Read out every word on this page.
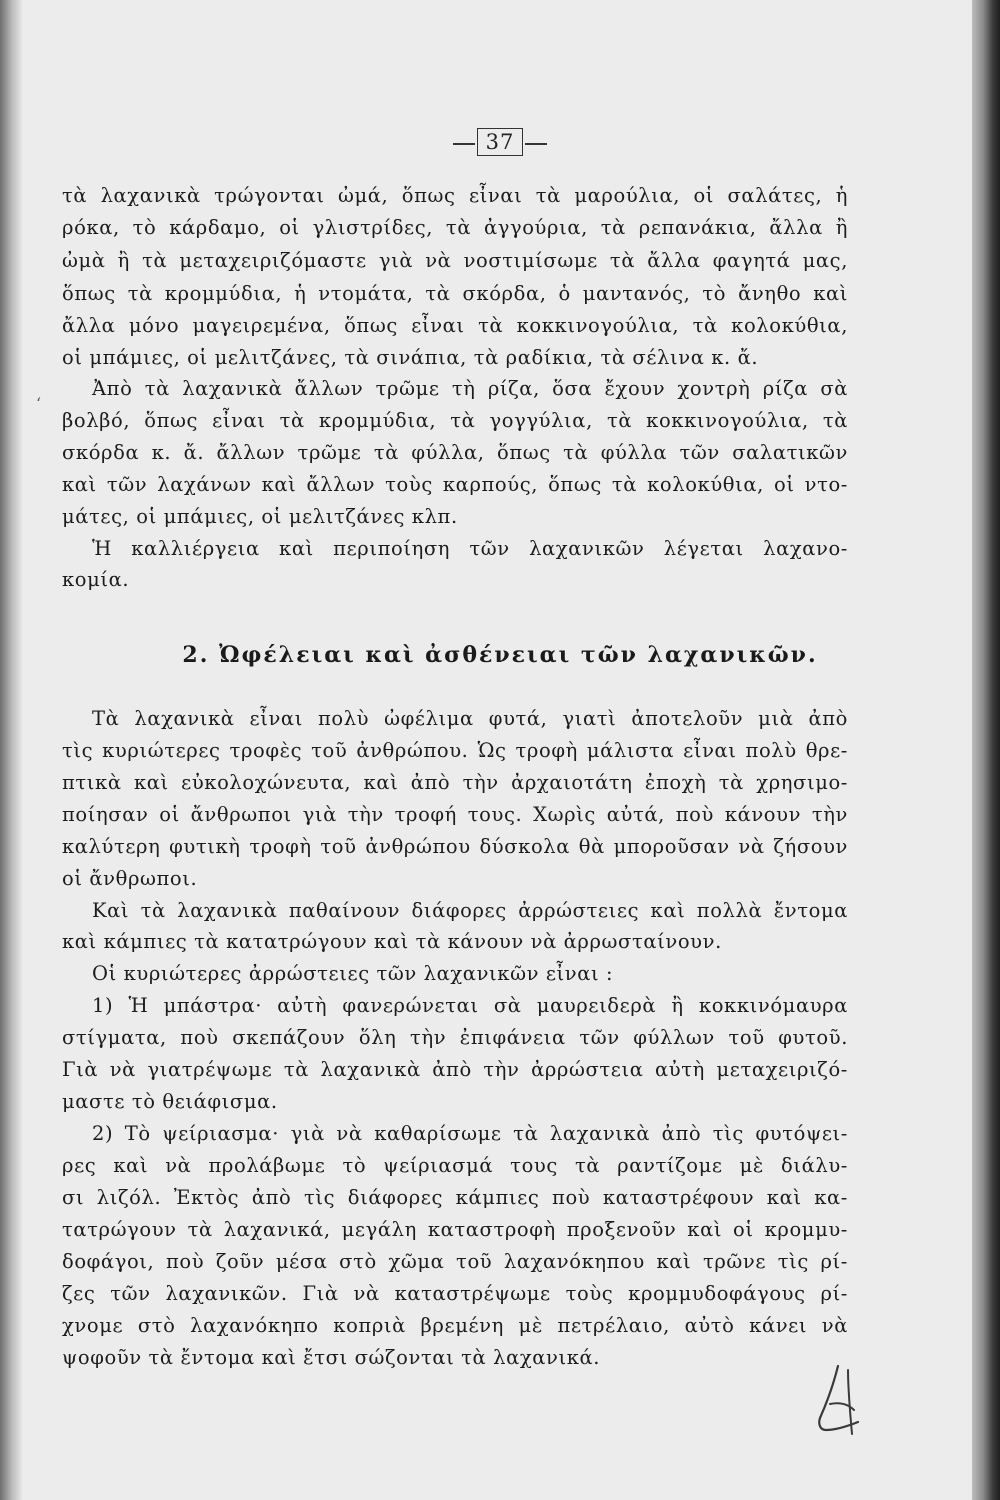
37
‘
τὰ λαχανικὰ τρώγονται ὠμά, ὅπως εἶναι τὰ μαρούλια, οἱ σαλάτες, ἡ
ρόκα, τὸ κάρδαμο, οἱ γλιστρίδες, τὰ ἀγγούρια, τὰ ρεπανάκια, ἄλλα ἢ
ὠμὰ ἢ τὰ μεταχειριζόμαστε γιὰ νὰ νοστιμίσωμε τὰ ἄλλα φαγητά μας,
ὅπως τὰ κρομμύδια, ἡ ντομάτα, τὰ σκόρδα, ὁ μαντανός, τὸ ἄνηθο καὶ
ἄλλα μόνο μαγειρεμένα, ὅπως εἶναι τὰ κοκκινογούλια, τὰ κολοκύθια,
οἱ μπάμιες, οἱ μελιτζάνες, τὰ σινάπια, τὰ ραδίκια, τὰ σέλινα κ. ἄ.
Ἀπὸ τὰ λαχανικὰ ἄλλων τρῶμε τὴ ρίζα, ὅσα ἔχουν χοντρὴ ρίζα σὰ
βολβό, ὅπως εἶναι τὰ κρομμύδια, τὰ γογγύλια, τὰ κοκκινογούλια, τὰ
σκόρδα κ. ἄ. ἄλλων τρῶμε τὰ φύλλα, ὅπως τὰ φύλλα τῶν σαλατικῶν
καὶ τῶν λαχάνων καὶ ἄλλων τοὺς καρπούς, ὅπως τὰ κολοκύθια, οἱ ντο-
μάτες, οἱ μπάμιες, οἱ μελιτζάνες κλπ.
Ἡ καλλιέργεια καὶ περιποίηση τῶν λαχανικῶν λέγεται λαχανο-
κομία.
2. Ὠφέλειαι καὶ ἀσθένειαι τῶν λαχανικῶν.
Τὰ λαχανικὰ εἶναι πολὺ ὠφέλιμα φυτά, γιατὶ ἀποτελοῦν μιὰ ἀπὸ
τὶς κυριώτερες τροφὲς τοῦ ἀνθρώπου. Ὡς τροφὴ μάλιστα εἶναι πολὺ θρε-
πτικὰ καὶ εὐκολοχώνευτα, καὶ ἀπὸ τὴν ἀρχαιοτάτη ἐποχὴ τὰ χρησιμο-
ποίησαν οἱ ἄνθρωποι γιὰ τὴν τροφή τους. Χωρὶς αὐτά, ποὺ κάνουν τὴν
καλύτερη φυτικὴ τροφὴ τοῦ ἀνθρώπου δύσκολα θὰ μποροῦσαν νὰ ζήσουν
οἱ ἄνθρωποι.
Καὶ τὰ λαχανικὰ παθαίνουν διάφορες ἀρρώστειες καὶ πολλὰ ἔντομα
καὶ κάμπιες τὰ κατατρώγουν καὶ τὰ κάνουν νὰ ἀρρωσταίνουν.
Οἱ κυριώτερες ἀρρώστειες τῶν λαχανικῶν εἶναι :
1) Ἡ μπάστρα· αὐτὴ φανερώνεται σὰ μαυρειδερὰ ἢ κοκκινόμαυρα
στίγματα, ποὺ σκεπάζουν ὅλη τὴν ἐπιφάνεια τῶν φύλλων τοῦ φυτοῦ.
Γιὰ νὰ γιατρέψωμε τὰ λαχανικὰ ἀπὸ τὴν ἀρρώστεια αὐτὴ μεταχειριζό-
μαστε τὸ θειάφισμα.
2) Τὸ ψείριασμα· γιὰ νὰ καθαρίσωμε τὰ λαχανικὰ ἀπὸ τὶς φυτόψει-
ρες καὶ νὰ προλάβωμε τὸ ψείριασμά τους τὰ ραντίζομε μὲ διάλυ-
σι λιζόλ. Ἐκτὸς ἀπὸ τὶς διάφορες κάμπιες ποὺ καταστρέφουν καὶ κα-
τατρώγουν τὰ λαχανικά, μεγάλη καταστροφὴ προξενοῦν καὶ οἱ κρομμυ-
δοφάγοι, ποὺ ζοῦν μέσα στὸ χῶμα τοῦ λαχανόκηπου καὶ τρῶνε τὶς ρί-
ζες τῶν λαχανικῶν. Γιὰ νὰ καταστρέψωμε τοὺς κρομμυδοφάγους ρί-
χνομε στὸ λαχανόκηπο κοπριὰ βρεμένη μὲ πετρέλαιο, αὐτὸ κάνει νὰ
ψοφοῦν τὰ ἔντομα καὶ ἔτσι σώζονται τὰ λαχανικά.
